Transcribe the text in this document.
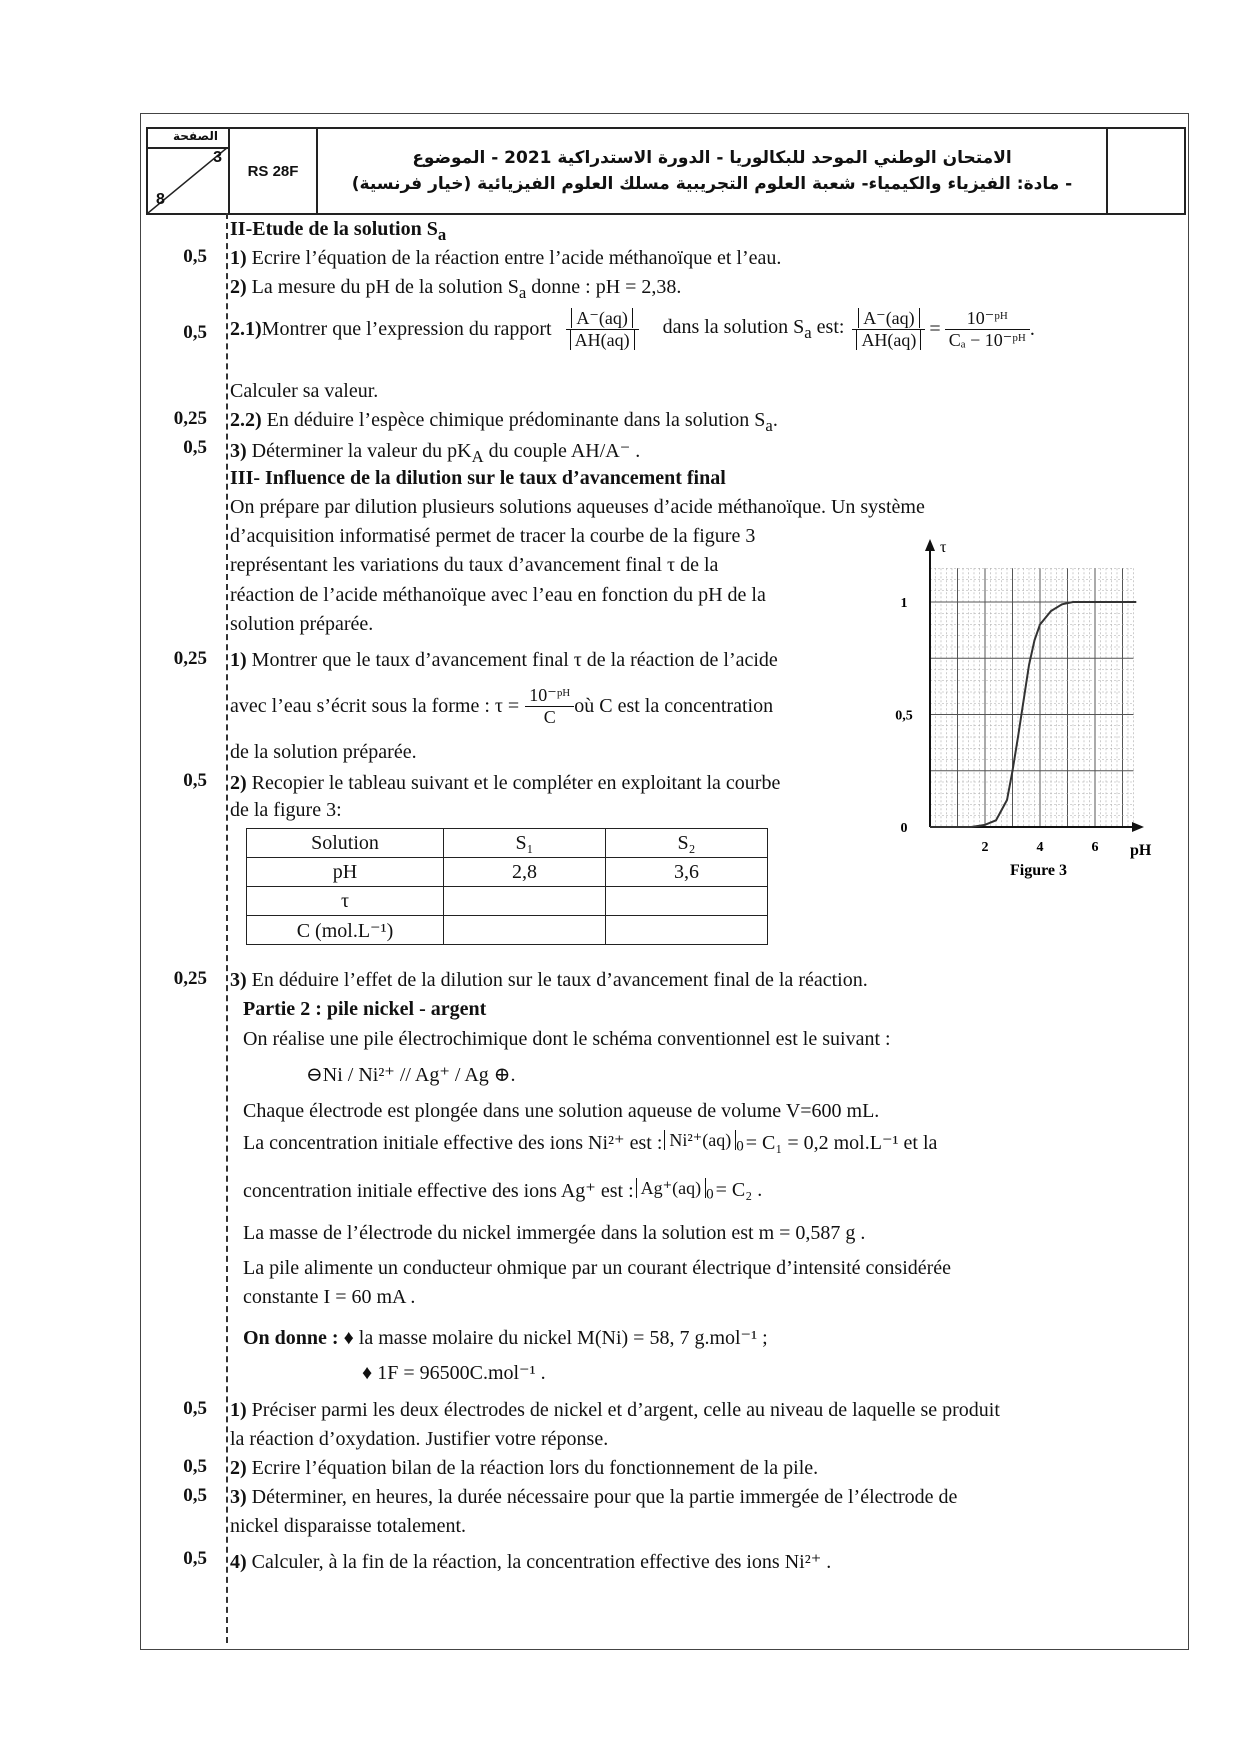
الصفحة
3
8
RS 28F
الامتحان الوطني الموحد للبكالوريا - الدورة الاستدراكية 2021 - الموضوع
- مادة: الفيزياء والكيمياء- شعبة العلوم التجريبية مسلك العلوم الفيزيائية (خيار فرنسية)
II-Etude de la solution $S_a$
0,5 1) Ecrire l’équation de la réaction entre l’acide méthanoïque et l’eau.
2) La mesure du pH de la solution $S_a$ donne : pH = 2,38.
0,5 2.1) Montrer que l’expression du rapport $\frac{A^-(aq)}{AH(aq)}$ dans la solution $S_a$ est: $\frac{A^-(aq)}{AH(aq)} = \frac{\text{10⁻ᵖᴴ}}{\text{Cₐ − 10⁻ᵖᴴ}}$ .
Calculer sa valeur.
0,25 2.2) En déduire l’espèce chimique prédominante dans la solution $S_a$.
0,5 3) Déterminer la valeur du $pK_A$ du couple AH/A⁻ .
III- Influence de la dilution sur le taux d’avancement final
On prépare par dilution plusieurs solutions aqueuses d’acide méthanoïque. Un système
d’acquisition informatisé permet de tracer la courbe de la figure 3
représentant les variations du taux d’avancement final τ de la
réaction de l’acide méthanoïque avec l’eau en fonction du pH de la
solution préparée.
0,25 1) Montrer que le taux d’avancement final τ de la réaction de l’acide
avec l’eau s’écrit sous la forme : $\tau = \frac{\text{10⁻ᵖᴴ}}{C}$ où C est la concentration
de la solution préparée.
0,5 2) Recopier le tableau suivant et le compléter en exploitant la courbe
de la figure 3:
Solution	S₁	S₂
pH	2,8	3,6
τ		
C (mol.L⁻¹)		
0,25 3) En déduire l’effet de la dilution sur le taux d’avancement final de la réaction.
τ
pH
1
0,5
0
2	4	6
Figure 3
Partie 2 : pile nickel - argent
On réalise une pile électrochimique dont le schéma conventionnel est le suivant :
⊖Ni / Ni²⁺ // Ag⁺ / Ag ⊕.
Chaque électrode est plongée dans une solution aqueuse de volume V=600 mL.
La concentration initiale effective des ions Ni²⁺ est : Ni²⁺(aq) $_0$ = C₁ = 0,2 mol.L⁻¹ et la
concentration initiale effective des ions Ag⁺ est : Ag⁺(aq) $_0$ = C₂ .
La masse de l’électrode du nickel immergée dans la solution est m = 0,587 g .
La pile alimente un conducteur ohmique par un courant électrique d’intensité considérée
constante I = 60 mA .
On donne : ♦ la masse molaire du nickel M(Ni) = 58, 7 g.mol⁻¹ ;
♦ 1F = 96500C.mol⁻¹ .
0,5 1) Préciser parmi les deux électrodes de nickel et d’argent, celle au niveau de laquelle se produit
la réaction d’oxydation. Justifier votre réponse.
0,5 2) Ecrire l’équation bilan de la réaction lors du fonctionnement de la pile.
0,5 3) Déterminer, en heures, la durée nécessaire pour que la partie immergée de l’électrode de
nickel disparaisse totalement.
0,5 4) Calculer, à la fin de la réaction, la concentration effective des ions Ni²⁺ .
